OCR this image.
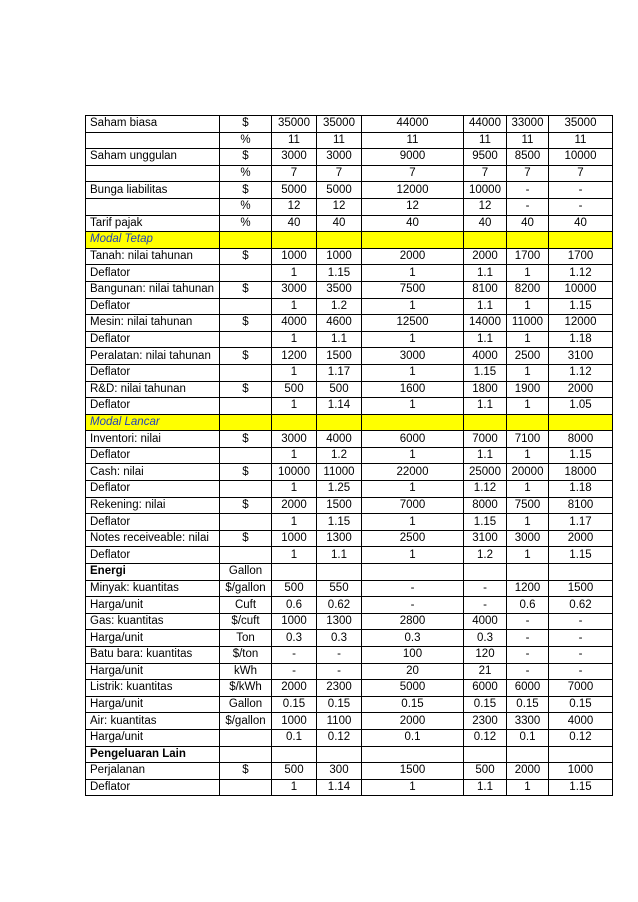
Saham biasa	$	35000	35000	44000	44000	33000	35000
	%	11	11	11	11	11	11
Saham unggulan	$	3000	3000	9000	9500	8500	10000
	%	7	7	7	7	7	7
Bunga liabilitas	$	5000	5000	12000	10000	-	-
	%	12	12	12	12	-	-
Tarif pajak	%	40	40	40	40	40	40
Modal Tetap							
Tanah: nilai tahunan	$	1000	1000	2000	2000	1700	1700
Deflator		1	1.15	1	1.1	1	1.12
Bangunan: nilai tahunan	$	3000	3500	7500	8100	8200	10000
Deflator		1	1.2	1	1.1	1	1.15
Mesin: nilai tahunan	$	4000	4600	12500	14000	11000	12000
Deflator		1	1.1	1	1.1	1	1.18
Peralatan: nilai tahunan	$	1200	1500	3000	4000	2500	3100
Deflator		1	1.17	1	1.15	1	1.12
R&D: nilai tahunan	$	500	500	1600	1800	1900	2000
Deflator		1	1.14	1	1.1	1	1.05
Modal Lancar							
Inventori: nilai	$	3000	4000	6000	7000	7100	8000
Deflator		1	1.2	1	1.1	1	1.15
Cash: nilai	$	10000	11000	22000	25000	20000	18000
Deflator		1	1.25	1	1.12	1	1.18
Rekening: nilai	$	2000	1500	7000	8000	7500	8100
Deflator		1	1.15	1	1.15	1	1.17
Notes receiveable: nilai	$	1000	1300	2500	3100	3000	2000
Deflator		1	1.1	1	1.2	1	1.15
Energi	Gallon						
Minyak: kuantitas	$/gallon	500	550	-	-	1200	1500
Harga/unit	Cuft	0.6	0.62	-	-	0.6	0.62
Gas: kuantitas	$/cuft	1000	1300	2800	4000	-	-
Harga/unit	Ton	0.3	0.3	0.3	0.3	-	-
Batu bara: kuantitas	$/ton	-	-	100	120	-	-
Harga/unit	kWh	-	-	20	21	-	-
Listrik: kuantitas	$/kWh	2000	2300	5000	6000	6000	7000
Harga/unit	Gallon	0.15	0.15	0.15	0.15	0.15	0.15
Air: kuantitas	$/gallon	1000	1100	2000	2300	3300	4000
Harga/unit		0.1	0.12	0.1	0.12	0.1	0.12
Pengeluaran Lain							
Perjalanan	$	500	300	1500	500	2000	1000
Deflator		1	1.14	1	1.1	1	1.15
